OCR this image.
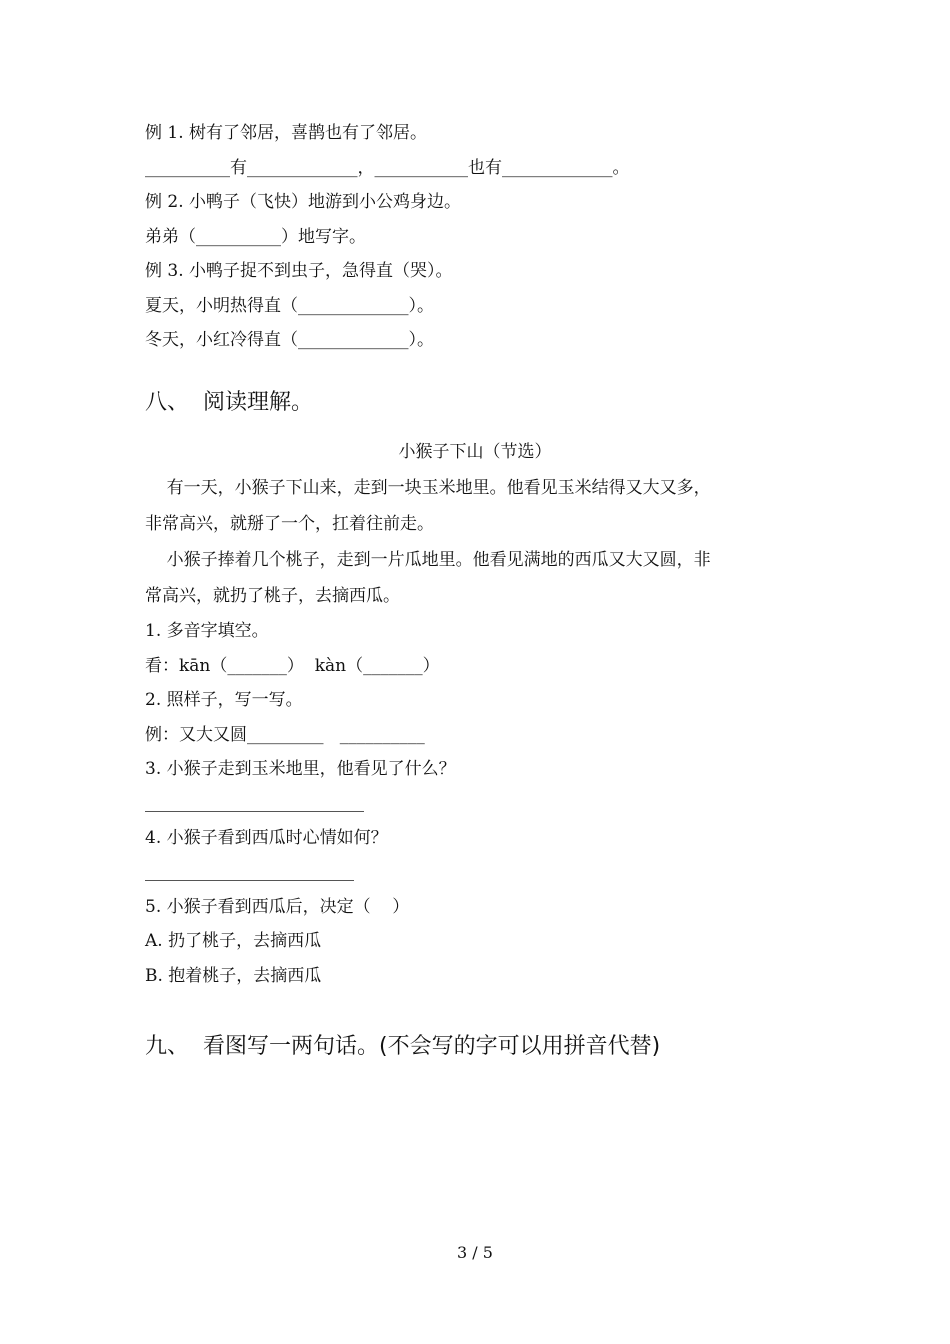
例 1. 树有了邻居，喜鹊也有了邻居。
__________有_____________，___________也有_____________。
例 2. 小鸭子（飞快）地游到小公鸡身边。
弟弟（__________）地写字。
例 3. 小鸭子捉不到虫子，急得直（哭）。
夏天，小明热得直（_____________）。
冬天，小红冷得直（_____________）。
八、  阅读理解。
小猴子下山（节选）
有一天，小猴子下山来，走到一块玉米地里。他看见玉米结得又大又多，
非常高兴，就掰了一个，扛着往前走。
小猴子捧着几个桃子，走到一片瓜地里。他看见满地的西瓜又大又圆，非
常高兴，就扔了桃子，去摘西瓜。
1. 多音字填空。
看：kān（_______）  kàn（_______）
2. 照样子，写一写。
例：又大又圆_________   __________
3. 小猴子走到玉米地里，他看见了什么？
4. 小猴子看到西瓜时心情如何？
5. 小猴子看到西瓜后，决定（    ）
A. 扔了桃子，去摘西瓜
B. 抱着桃子，去摘西瓜
九、  看图写一两句话。(不会写的字可以用拼音代替)
3 / 5
